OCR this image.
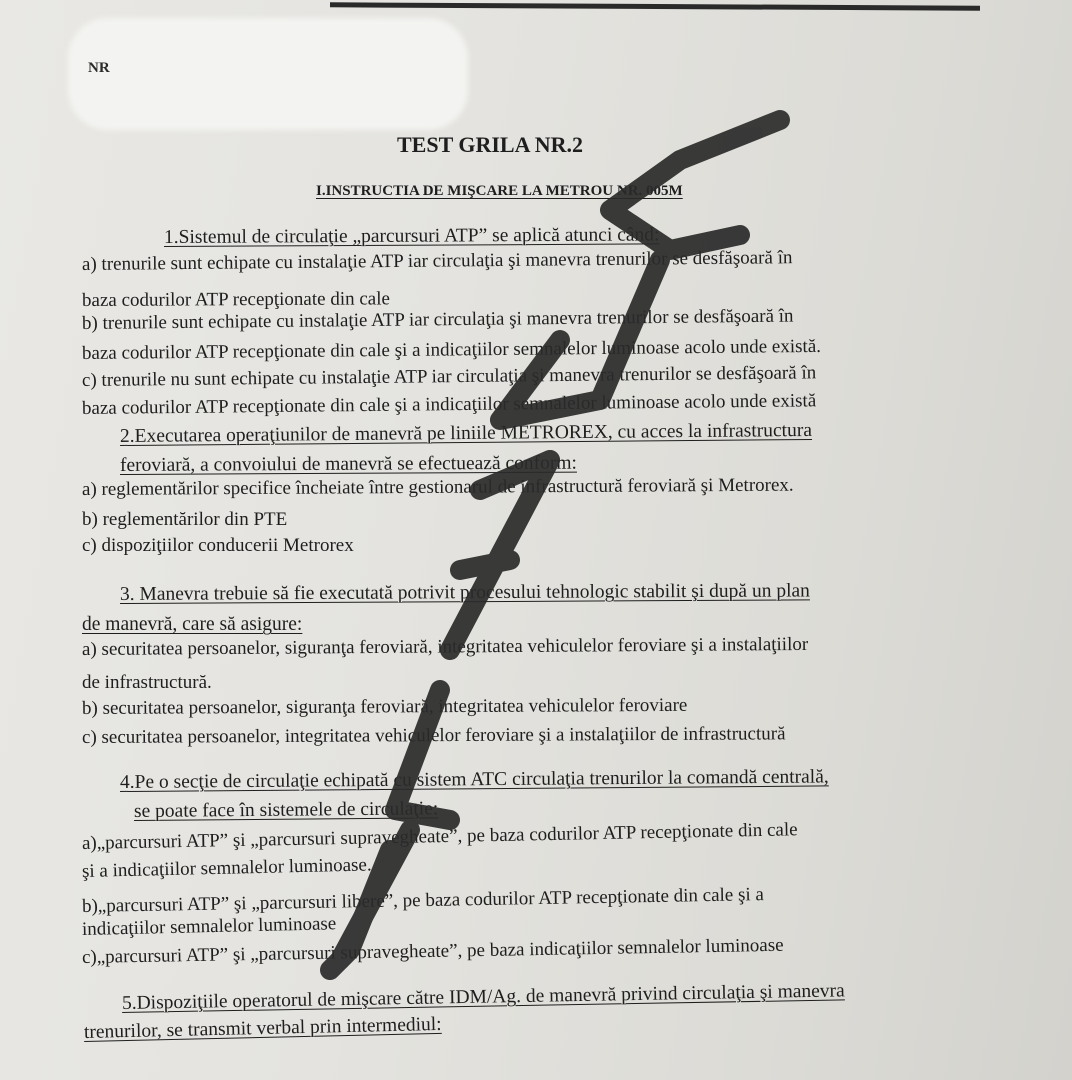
TEST GRILA NR.2
I.INSTRUCTIA DE MIŞCARE LA METROU NR. 005M
1.Sistemul de circulaţie „parcursuri ATP” se aplică atunci când:
a) trenurile sunt echipate cu instalaţie ATP iar circulaţia şi manevra trenurilor se desfăşoară în
baza codurilor ATP recepţionate din cale
b) trenurile sunt echipate cu instalaţie ATP iar circulaţia şi manevra trenurilor se desfăşoară în
baza codurilor ATP recepţionate din cale şi a indicaţiilor semnalelor luminoase acolo unde există.
c) trenurile nu sunt echipate cu instalaţie ATP iar circulaţia şi manevra trenurilor se desfăşoară în
baza codurilor ATP recepţionate din cale şi a indicaţiilor semnalelor luminoase acolo unde există
2.Executarea operaţiunilor de manevră pe liniile METROREX, cu acces la infrastructura
feroviară, a convoiului de manevră se efectuează conform:
a) reglementărilor specifice încheiate între gestionarul de infrastructură feroviară şi Metrorex.
b) reglementărilor din PTE
c) dispoziţiilor conducerii Metrorex
3. Manevra trebuie să fie executată potrivit procesului tehnologic stabilit şi după un plan
de manevră, care să asigure:
a) securitatea persoanelor, siguranţa feroviară, integritatea vehiculelor feroviare şi a instalaţiilor
de infrastructură.
b) securitatea persoanelor, siguranţa feroviară, integritatea vehiculelor feroviare
c) securitatea persoanelor, integritatea vehiculelor feroviare şi a instalaţiilor de infrastructură
4.Pe o secţie de circulaţie echipată cu sistem ATC circulaţia trenurilor la comandă centrală,
se poate face în sistemele de circulaţie:
a)„parcursuri ATP” şi „parcursuri supravegheate”, pe baza codurilor ATP recepţionate din cale
şi a indicaţiilor semnalelor luminoase.
b)„parcursuri ATP” şi „parcursuri libere”, pe baza codurilor ATP recepţionate din cale şi a
indicaţiilor semnalelor luminoase
c)„parcursuri ATP” şi „parcursuri supravegheate”, pe baza indicaţiilor semnalelor luminoase
5.Dispoziţiile operatorul de mişcare către IDM/Ag. de manevră privind circulaţia şi manevra
trenurilor, se transmit verbal prin intermediul:
NR
